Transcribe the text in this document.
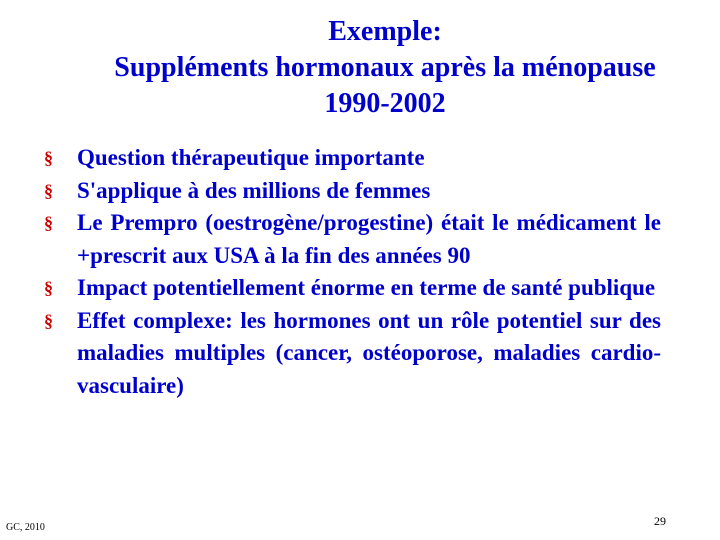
Exemple:
Suppléments hormonaux après la ménopause
1990-2002
§ Question thérapeutique importante
§ S'applique à des millions de femmes
§ Le Prempro (oestrogène/progestine) était le médicament le +prescrit aux USA à la fin des années 90
§ Impact potentiellement énorme en terme de santé publique
§ Effet complexe: les hormones ont un rôle potentiel sur des maladies multiples (cancer, ostéoporose, maladies cardio-vasculaire)
GC, 2010	29
